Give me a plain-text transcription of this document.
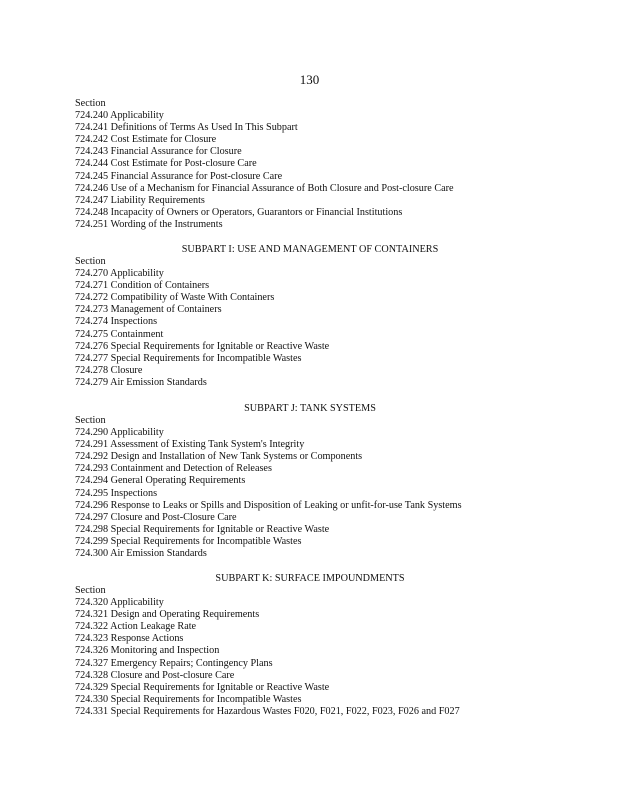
130
Section
724.240 Applicability
724.241 Definitions of Terms As Used In This Subpart
724.242 Cost Estimate for Closure
724.243 Financial Assurance for Closure
724.244 Cost Estimate for Post-closure Care
724.245 Financial Assurance for Post-closure Care
724.246 Use of a Mechanism for Financial Assurance of Both Closure and Post-closure Care
724.247 Liability Requirements
724.248 Incapacity of Owners or Operators, Guarantors or Financial Institutions
724.251 Wording of the Instruments
SUBPART I: USE AND MANAGEMENT OF CONTAINERS
Section
724.270 Applicability
724.271 Condition of Containers
724.272 Compatibility of Waste With Containers
724.273 Management of Containers
724.274 Inspections
724.275 Containment
724.276 Special Requirements for Ignitable or Reactive Waste
724.277 Special Requirements for Incompatible Wastes
724.278 Closure
724.279 Air Emission Standards
SUBPART J: TANK SYSTEMS
Section
724.290 Applicability
724.291 Assessment of Existing Tank System's Integrity
724.292 Design and Installation of New Tank Systems or Components
724.293 Containment and Detection of Releases
724.294 General Operating Requirements
724.295 Inspections
724.296 Response to Leaks or Spills and Disposition of Leaking or unfit-for-use Tank Systems
724.297 Closure and Post-Closure Care
724.298 Special Requirements for Ignitable or Reactive Waste
724.299 Special Requirements for Incompatible Wastes
724.300 Air Emission Standards
SUBPART K: SURFACE IMPOUNDMENTS
Section
724.320 Applicability
724.321 Design and Operating Requirements
724.322 Action Leakage Rate
724.323 Response Actions
724.326 Monitoring and Inspection
724.327 Emergency Repairs; Contingency Plans
724.328 Closure and Post-closure Care
724.329 Special Requirements for Ignitable or Reactive Waste
724.330 Special Requirements for Incompatible Wastes
724.331 Special Requirements for Hazardous Wastes F020, F021, F022, F023, F026 and F027
